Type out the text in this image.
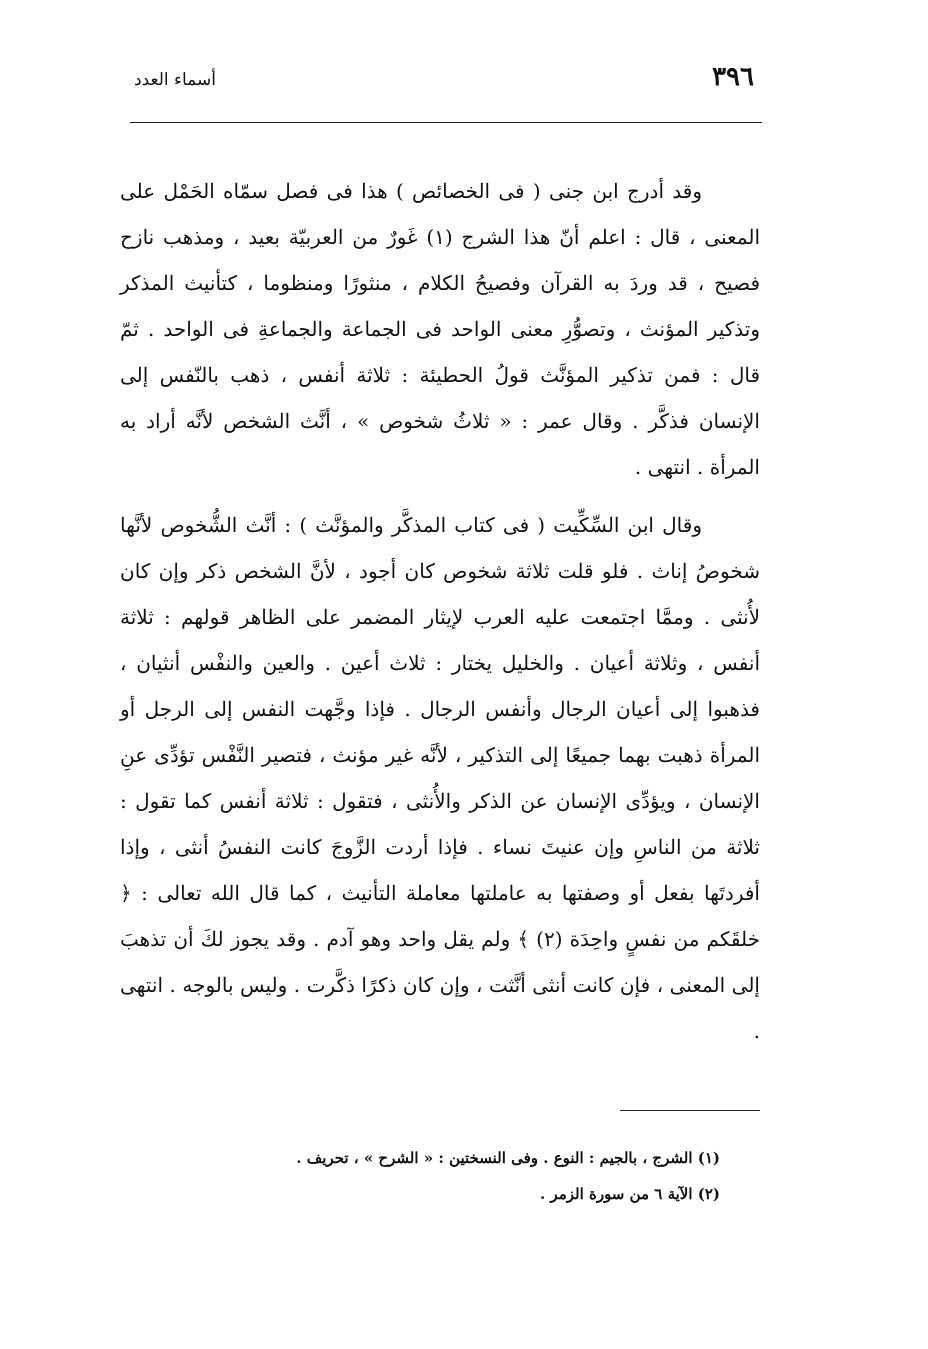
٣٩٦
أسماء العدد

وقد أدرج ابن جنى ( فى الخصائص ) هذا فى فصل سمّاه الحَمْل على المعنى ، قال : اعلم أنّ هذا الشرج (١) غَورٌ من العربيّة بعيد ، ومذهب نازح فصيح ، قد وردَ به القرآن وفصيحُ الكلام ، منثورًا ومنظوما ، كتأنيث المذكر وتذكير المؤنث ، وتصوُّرِ معنى الواحد فى الجماعة والجماعةِ فى الواحد . ثمّ قال : فمن تذكير المؤنَّث قولُ الحطيئة : ثلاثة أنفس ، ذهب بالنّفس إلى الإنسان فذكَّر . وقال عمر : « ثلاثُ شخوص » ، أنَّث الشخص لأنَّه أراد به المرأة . انتهى .

وقال ابن السِّكِّيت ( فى كتاب المذكَّر والمؤنَّث ) : أنَّث الشُّخوص لأنَّها شخوصُ إناث . فلو قلت ثلاثة شخوص كان أجود ، لأنَّ الشخص ذكر وإن كان لأُنثى . وممَّا اجتمعت عليه العرب لإيثار المضمر على الظاهر قولهم : ثلاثة أنفس ، وثلاثة أعيان . والخليل يختار : ثلاث أعين . والعين والنفْس أنثيان ، فذهبوا إلى أعيان الرجال وأنفس الرجال . فإذا وجَّهت النفس إلى الرجل أو المرأة ذهبت بهما جميعًا إلى التذكير ، لأنَّه غير مؤنث ، فتصير النَّفْس تؤدِّى عنِ الإنسان ، ويؤدِّى الإنسان عن الذكر والأُنثى ، فتقول : ثلاثة أنفس كما تقول : ثلاثة من الناسِ وإن عنيتَ نساء . فإذا أردت الزَّوجَ كانت النفسُ أنثى ، وإذا أفردتَها بفعل أو وصفتها به عاملتها معاملة التأنيث ، كما قال الله تعالى : ﴿ خلقَكم من نفسٍ واحِدَة (٢) ﴾ ولم يقل واحد وهو آدم . وقد يجوز لكَ أن تذهبَ إلى المعنى ، فإن كانت أنثى أنَّثت ، وإن كان ذكرًا ذكَّرت . وليس بالوجه . انتهى .

(١) الشرج ، بالجيم : النوع . وفى النسختين : « الشرح » ، تحريف .

(٢) الآية ٦ من سورة الزمر .
